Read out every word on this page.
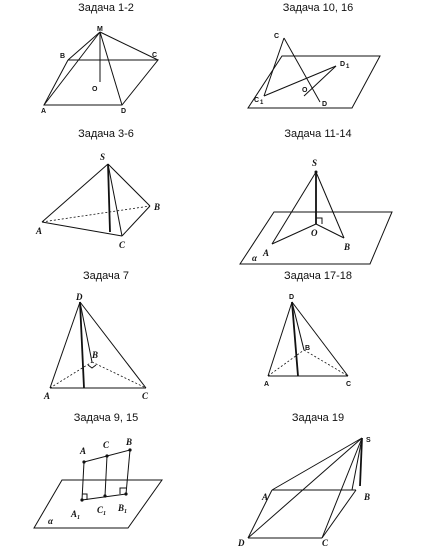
Задача 1-2
M
B	C
O
A	D
Задача 10, 16
C
D 1
O
C 1	D
Задача 3-6
S
B
A
C
Задача 11-14
S
O
A
B
α
Задача 7
D
B
A	C
Задача 17-18
D
B
A	C
Задача 9, 15
A
C B
A 1
C 1
B 1
α
Задача 19
S
A	B
D	C
